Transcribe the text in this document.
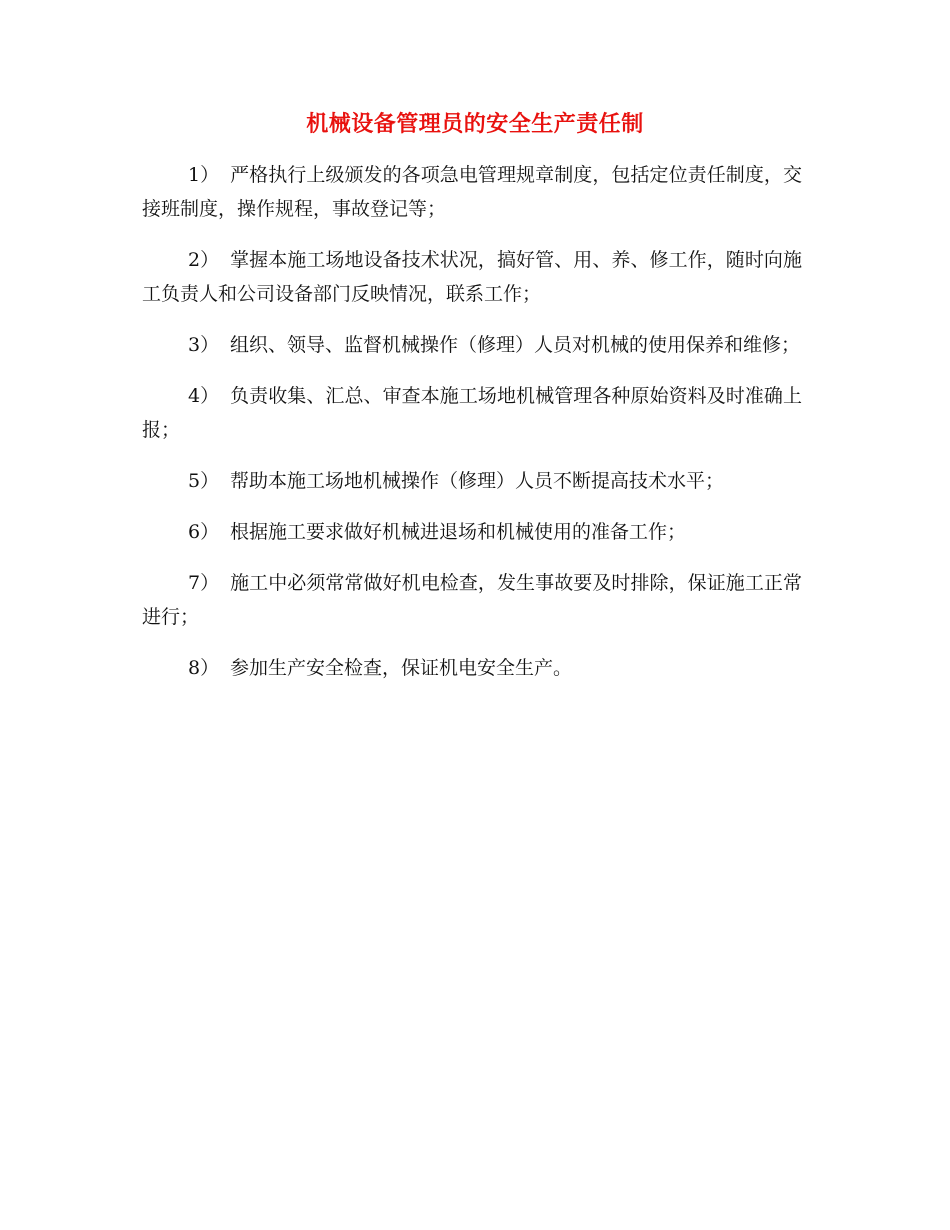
机械设备管理员的安全生产责任制

1） 严格执行上级颁发的各项急电管理规章制度，包括定位责任制度，交接班制度，操作规程，事故登记等；

2） 掌握本施工场地设备技术状况，搞好管、用、养、修工作，随时向施工负责人和公司设备部门反映情况，联系工作；

3） 组织、领导、监督机械操作（修理）人员对机械的使用保养和维修；

4） 负责收集、汇总、审查本施工场地机械管理各种原始资料及时准确上报；

5） 帮助本施工场地机械操作（修理）人员不断提高技术水平；

6） 根据施工要求做好机械进退场和机械使用的准备工作；

7） 施工中必须常常做好机电检查，发生事故要及时排除，保证施工正常进行；

8） 参加生产安全检查，保证机电安全生产。
